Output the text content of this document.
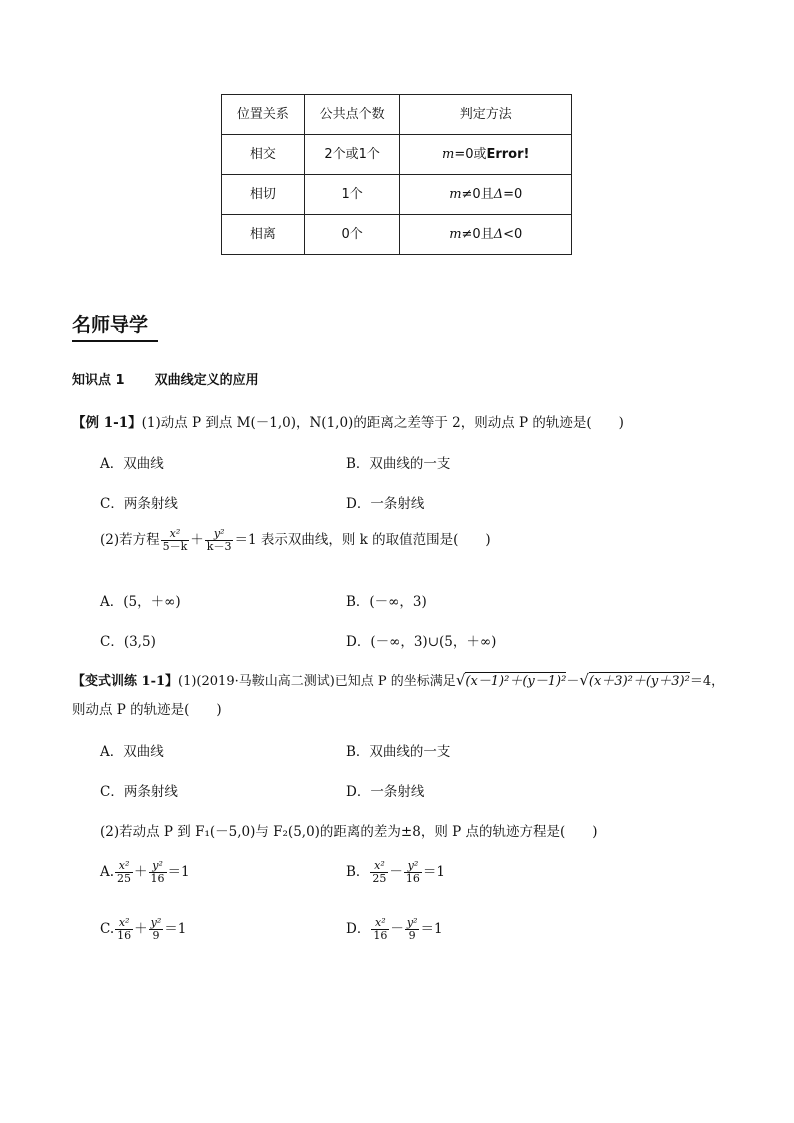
位置关系	公共点个数	判定方法
相交	2个或1个	m=0或Error!
相切	1个	m≠0且Δ=0
相离	0个	m≠0且Δ<0
名师导学
知识点 1 双曲线定义的应用
【例 1-1】(1)动点 P 到点 M(－1,0)，N(1,0)的距离之差等于 2，则动点 P 的轨迹是(　　)
A．双曲线	B．双曲线的一支
C．两条射线	D．一条射线
(2)若方程 $\frac{\text{x²}}{5-k} + \frac{\text{y²}}{k-3} =1$ 表示双曲线，则 k 的取值范围是(　　)
A．(5，＋∞)	B．(－∞，3)
C．(3,5)	D．(－∞，3)∪(5，＋∞)
【变式训练 1-1】(1)(2019·马鞍山高二测试)已知点 P 的坐标满足√(x－1)²＋(y－1)²－√(x＋3)²＋(y＋3)²＝4，
则动点 P 的轨迹是(　　)
A．双曲线	B．双曲线的一支
C．两条射线	D．一条射线
(2)若动点 P 到 F₁(－5,0)与 F₂(5,0)的距离的差为±8，则 P 点的轨迹方程是(　　)
A. $\frac{\text{x²}}{25} + \frac{\text{y²}}{16} =1$	B． $\frac{\text{x²}}{25} - \frac{\text{y²}}{16} =1$
C. $\frac{\text{x²}}{16} + \frac{\text{y²}}{9} =1$	D． $\frac{\text{x²}}{16} - \frac{\text{y²}}{9} =1$
